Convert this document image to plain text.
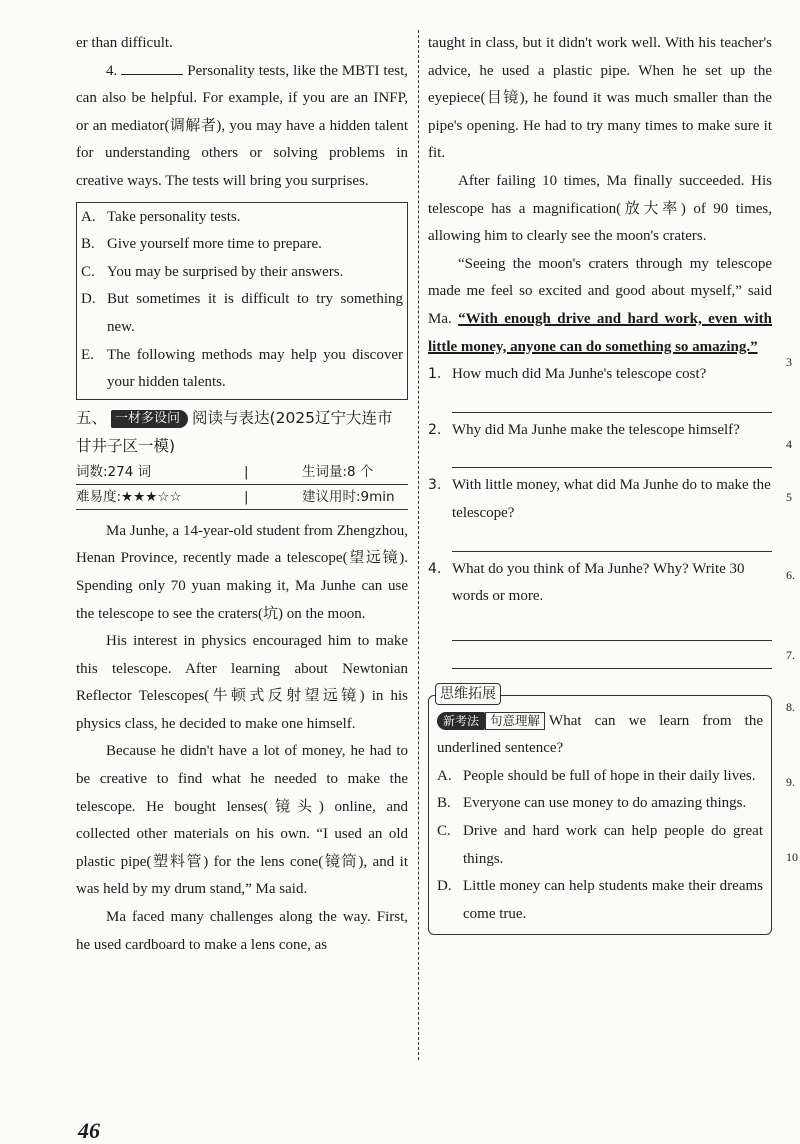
er than difficult.

4.	Personality tests, like the MBTI test, can also be helpful. For example, if you are an INFP, or an mediator(调解者), you may have a hidden talent for understanding others or solving problems in creative ways. The tests will bring you surprises.

A. Take personality tests.
B. Give yourself more time to prepare.
C. You may be surprised by their answers.
D. But sometimes it is difficult to try something new.
E. The following methods may help you discover your hidden talents.
五、 一材多设问 阅读与表达(2025辽宁大连市甘井子区一模)
词数:274 词	|	生词量:8 个
难易度:★★★☆☆	|	建议用时:9min

Ma Junhe, a 14-year-old student from Zhengzhou, Henan Province, recently made a telescope(望远镜). Spending only 70 yuan making it, Ma Junhe can use the telescope to see the craters(坑) on the moon.

His interest in physics encouraged him to make this telescope. After learning about Newtonian Reflector Telescopes(牛顿式反射望远镜) in his physics class, he decided to make one himself.

Because he didn't have a lot of money, he had to be creative to find what he needed to make the telescope. He bought lenses(镜头) online, and collected other materials on his own. “I used an old plastic pipe(塑料管) for the lens cone(镜筒), and it was held by my drum stand,” Ma said.

Ma faced many challenges along the way. First, he used cardboard to make a lens cone, as

taught in class, but it didn't work well. With his teacher's advice, he used a plastic pipe. When he set up the eyepiece(目镜), he found it was much smaller than the pipe's opening. He had to try many times to make sure it fit.

After failing 10 times, Ma finally succeeded. His telescope has a magnification(放大率) of 90 times, allowing him to clearly see the moon's craters.

“Seeing the moon's craters through my telescope made me feel so excited and good about myself,” said Ma. “With enough drive and hard work, even with little money, anyone can do something so amazing.”

1. How much did Ma Junhe's telescope cost?
2. Why did Ma Junhe make the telescope himself?
3. With little money, what did Ma Junhe do to make the telescope?
4. What do you think of Ma Junhe? Why? Write 30 words or more.
思维拓展

新考法 句意理解 What can we learn from the underlined sentence?

A. People should be full of hope in their daily lives.
B. Everyone can use money to do amazing things.
C. Drive and hard work can help people do great things.
D. Little money can help students make their dreams come true.
3
4
5
6.
7.
8.
9.
10
46
